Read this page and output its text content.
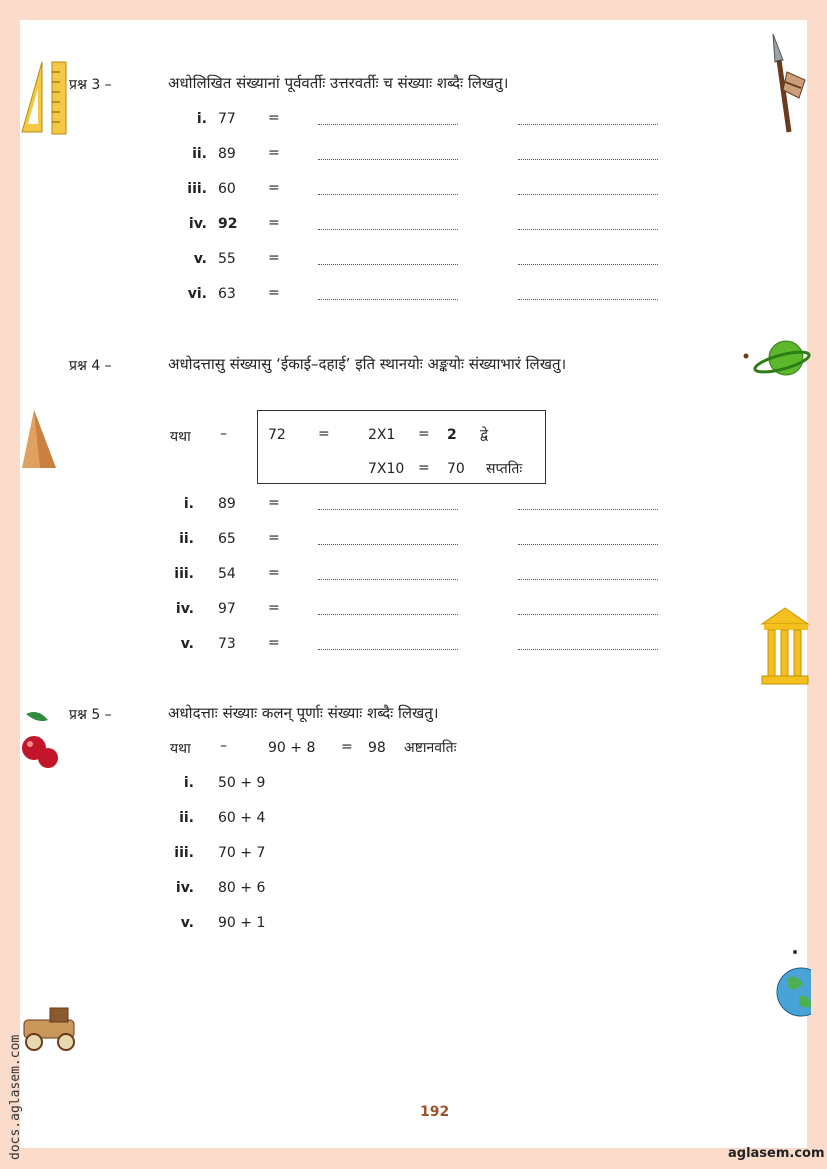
docs.aglasem.com
प्रश्न 3 –	अधोलिखित संख्यानां पूर्ववर्तीः उत्तरवर्तीः च संख्याः शब्दैः लिखतु।
i. 77 =
ii. 89 =
iii. 60 =
iv. 92 =
v. 55 =
vi. 63 =
प्रश्न 4 –	अधोदत्तासु संख्यासु ‘ईकाई–दहाई’ इति स्थानयोः अङ्कयोः संख्याभारं लिखतु।
यथा –	72 =	2X1 = 2 द्वे
7X10 = 70 सप्ततिः
i. 89 =
ii. 65 =
iii. 54 =
iv. 97 =
v. 73 =
प्रश्न 5 –	अधोदत्ताः संख्याः कलन् पूर्णाः संख्याः शब्दैः लिखतु।
यथा –	90 + 8 = 98 अष्टानवतिः
i. 50 + 9
ii. 60 + 4
iii. 70 + 7
iv. 80 + 6
v. 90 + 1
192
aglasem.com
